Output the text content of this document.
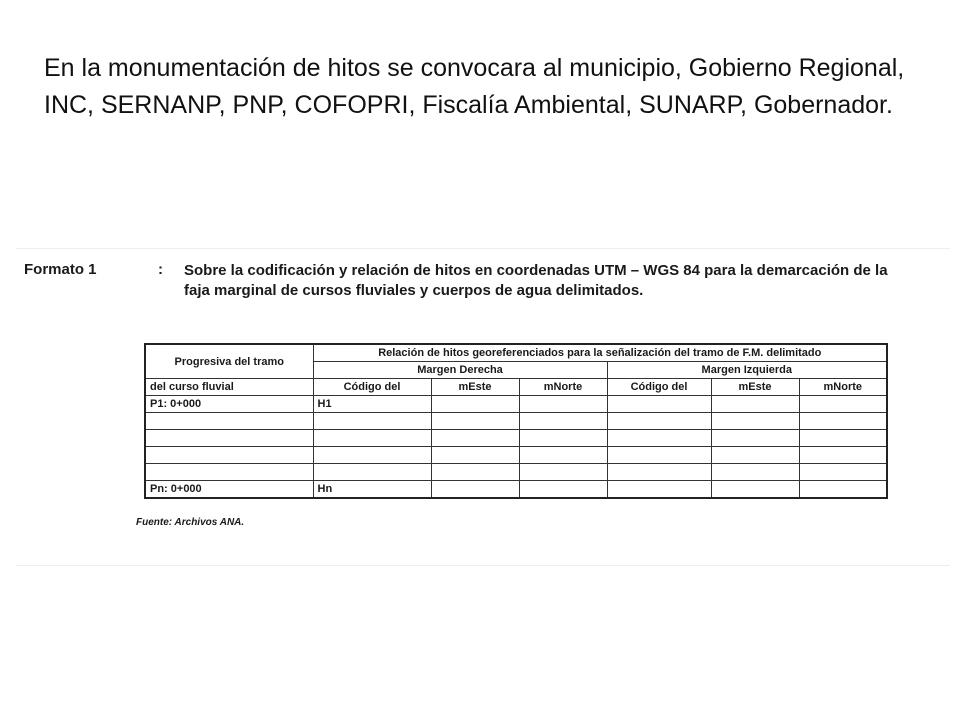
En la monumentación de hitos se convocara al municipio, Gobierno Regional, INC, SERNANP, PNP, COFOPRI, Fiscalía Ambiental, SUNARP, Gobernador.
Formato 1	: Sobre la codificación y relación de hitos en coordenadas UTM – WGS 84 para la demarcación de la faja marginal de cursos fluviales y cuerpos de agua delimitados.
Progresiva del tramo	Relación de hitos georeferenciados para la señalización del tramo de F.M. delimitado					
	Margen Derecha			Margen Izquierda		
del curso fluvial	Código del	mEste	mNorte	Código del	mEste	mNorte
P1: 0+000	H1					

Pn: 0+000	Hn					
Fuente: Archivos ANA.
